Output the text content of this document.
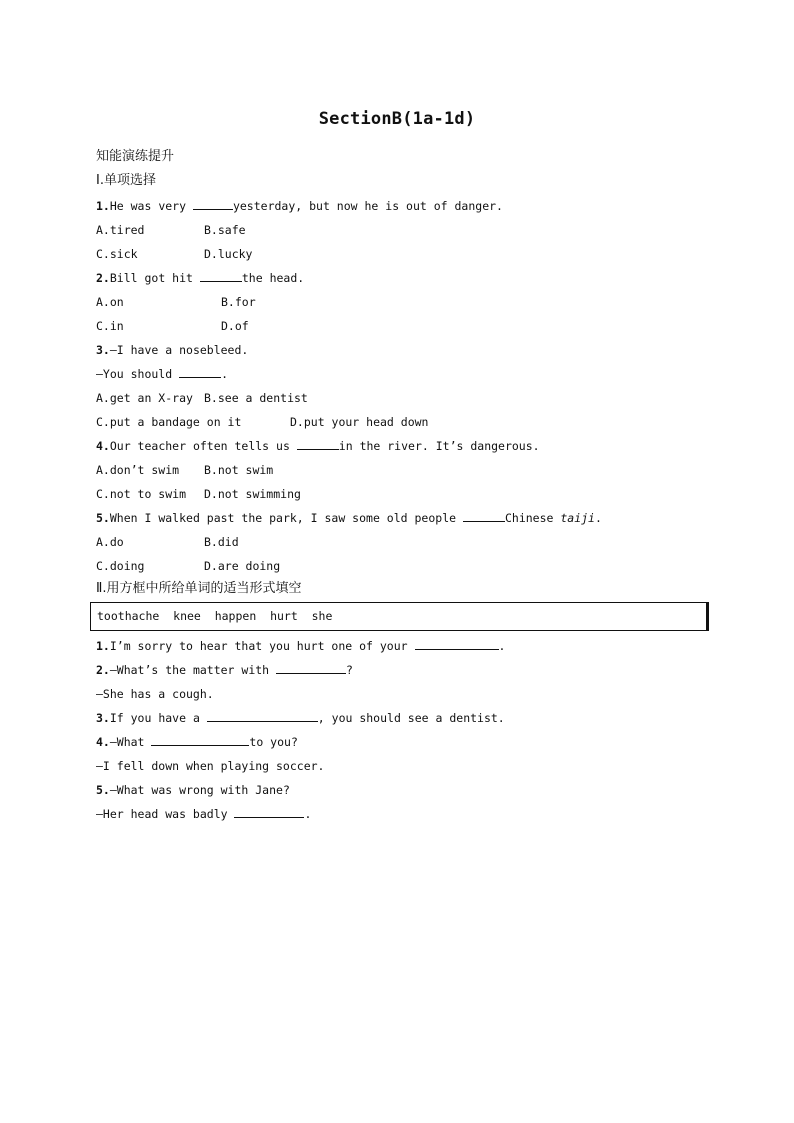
SectionB(1a-1d)
知能演练提升
Ⅰ.单项选择
1.He was very	yesterday, but now he is out of danger.
A.tired	B.safe
C.sick	D.lucky
2.Bill got hit	the head.
A.on	B.for
C.in	D.of
3.—I have a nosebleed.
—You should	.
A.get an X-ray B.see a dentist
C.put a bandage on it	D.put your head down
4.Our teacher often tells us	in the river. It’s dangerous.
A.don’t swim B.not swim
C.not to swim D.not swimming
5.When I walked past the park, I saw some old people	Chinese taiji.
A.do	B.did
C.doing	D.are doing
Ⅱ.用方框中所给单词的适当形式填空
toothache  knee  happen  hurt  she
1.I’m sorry to hear that you hurt one of your	.
2.—What’s the matter with	?
—She has a cough.
3.If you have a	, you should see a dentist.
4.—What	to you?
—I fell down when playing soccer.
5.—What was wrong with Jane?
—Her head was badly	.
